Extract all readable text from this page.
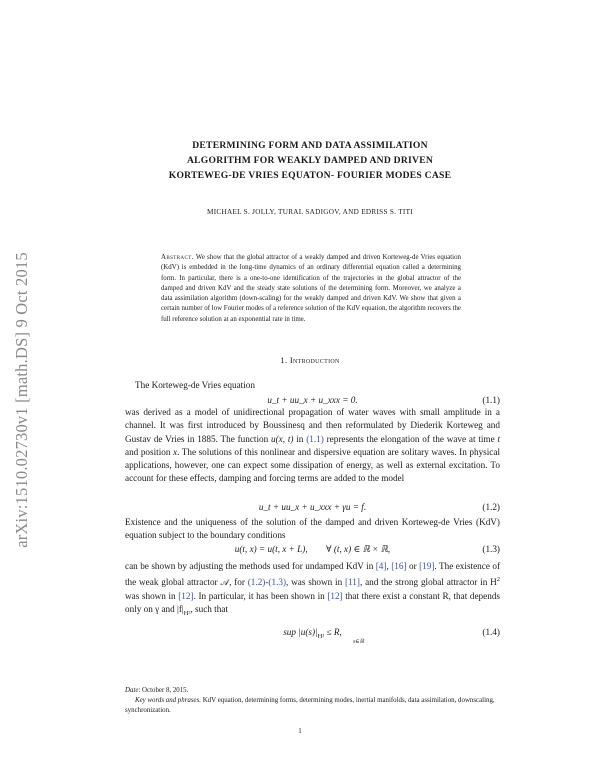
arXiv:1510.02730v1 [math.DS] 9 Oct 2015
DETERMINING FORM AND DATA ASSIMILATION
ALGORITHM FOR WEAKLY DAMPED AND DRIVEN
KORTEWEG-DE VRIES EQUATON- FOURIER MODES CASE
MICHAEL S. JOLLY, TURAL SADIGOV, AND EDRISS S. TITI
Abstract. We show that the global attractor of a weakly damped and driven Korteweg-de Vries equation (KdV) is embedded in the long-time dynamics of an ordinary differential equation called a determining form. In particular, there is a one-to-one identification of the trajectories in the global attractor of the damped and driven KdV and the steady state solutions of the determining form. Moreover, we analyze a data assimilation algorithm (down-scaling) for the weakly damped and driven KdV. We show that given a certain number of low Fourier modes of a reference solution of the KdV equation, the algorithm recovers the full reference solution at an exponential rate in time.
1. Introduction
The Korteweg-de Vries equation
u_t + uu_x + u_xxx = 0.	(1.1)
was derived as a model of unidirectional propagation of water waves with small amplitude in a channel. It was first introduced by Boussinesq and then reformulated by Diederik Korteweg and Gustav de Vries in 1885. The function u(x, t) in (1.1) represents the elongation of the wave at time t and position x. The solutions of this nonlinear and dispersive equation are solitary waves. In physical applications, however, one can expect some dissipation of energy, as well as external excitation. To account for these effects, damping and forcing terms are added to the model
u_t + uu_x + u_xxx + γu = f.	(1.2)
Existence and the uniqueness of the solution of the damped and driven Korteweg-de Vries (KdV) equation subject to the boundary conditions
u(t, x) = u(t, x + L),        ∀ (t, x) ∈ ℝ × ℝ,	(1.3)
can be shown by adjusting the methods used for undamped KdV in [4], [16] or [19]. The existence of the weak global attractor 𝒜, for (1.2)-(1.3), was shown in [11], and the strong global attractor in $H^2$ was shown in [12]. In particular, it has been shown in [12] that there exist a constant R, that depends only on γ and $|f|_{H^2}$, such that
sup $|u(s)|_{H^2} \le R$,	(1.4)
s∈ℝ
Date: October 8, 2015.
Key words and phrases. KdV equation, determining forms, determining modes, inertial manifolds, data assimilation, downscaling, synchronization.
1
